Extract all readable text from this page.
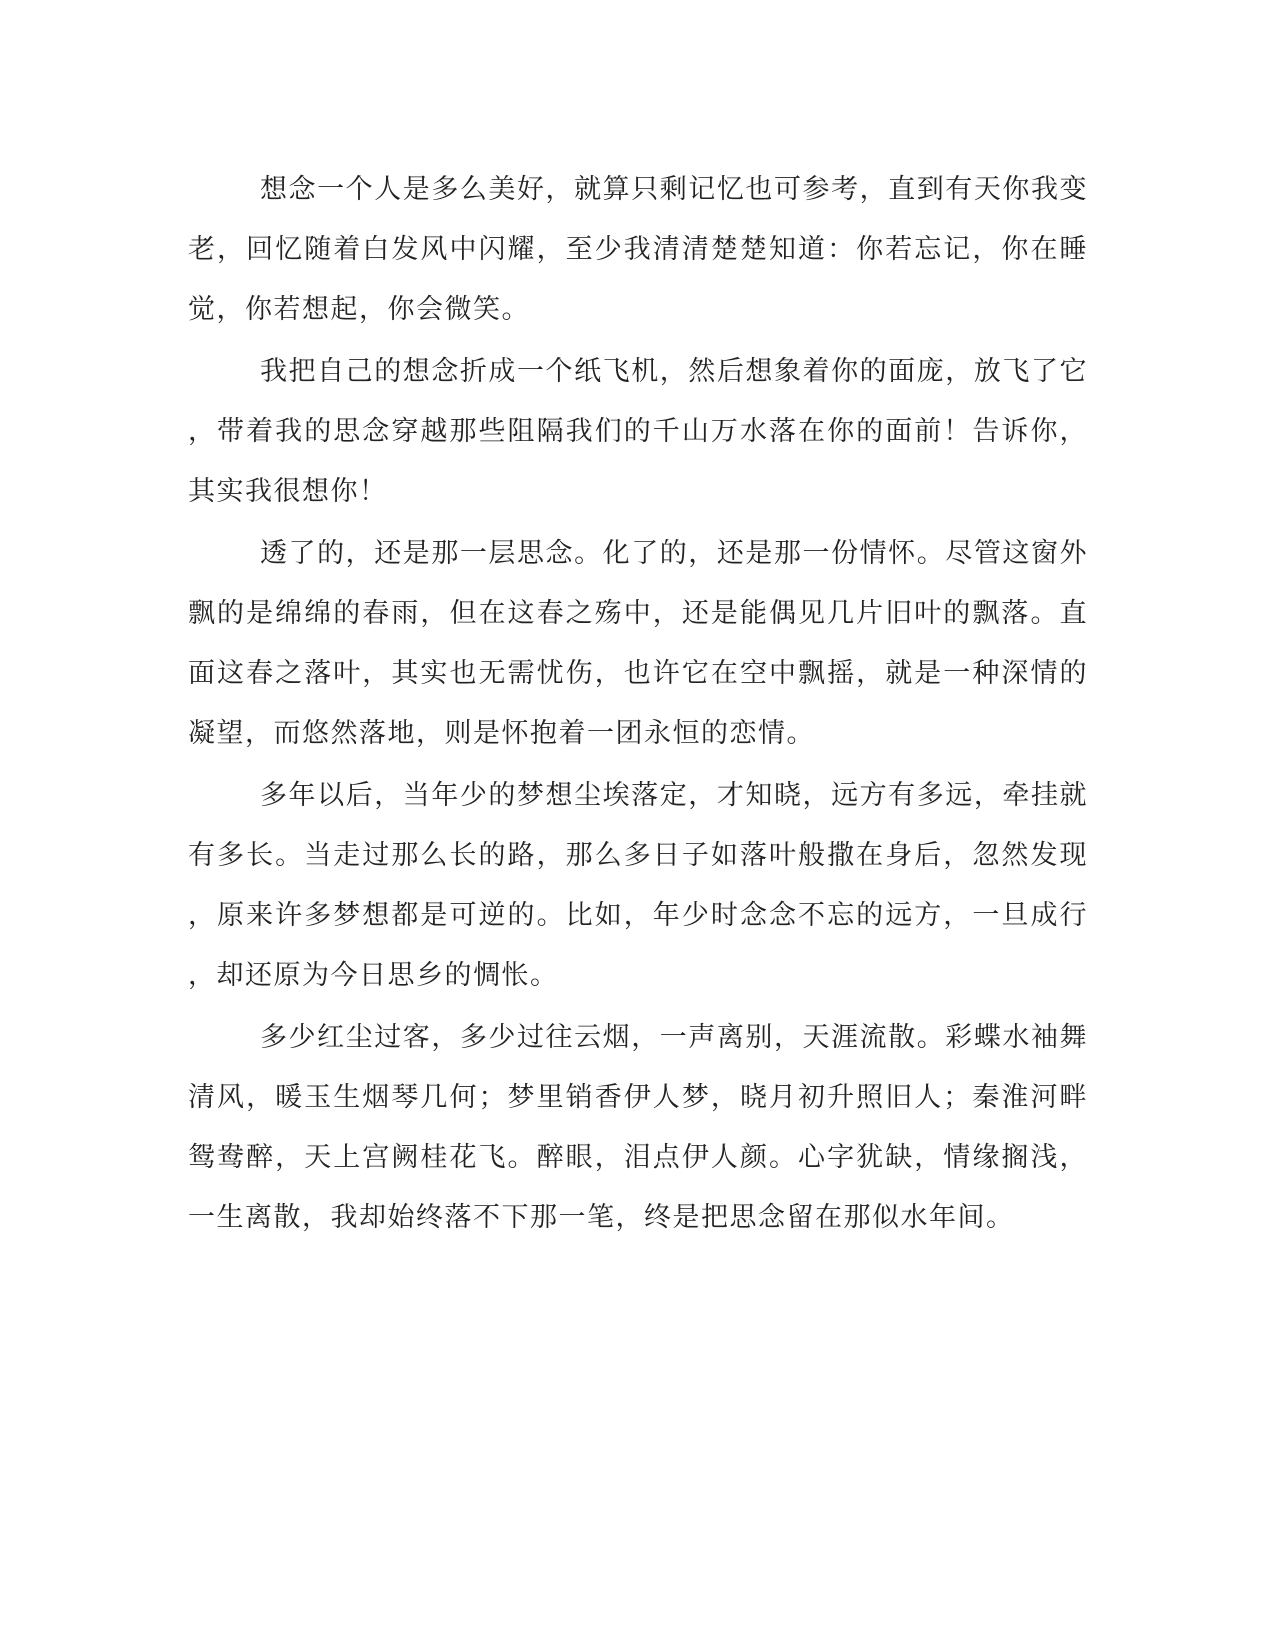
想念一个人是多么美好，就算只剩记忆也可参考，直到有天你我变老，回忆随着白发风中闪耀，至少我清清楚楚知道：你若忘记，你在睡觉，你若想起，你会微笑。

我把自己的想念折成一个纸飞机，然后想象着你的面庞，放飞了它，带着我的思念穿越那些阻隔我们的千山万水落在你的面前！告诉你，其实我很想你！

透了的，还是那一层思念。化了的，还是那一份情怀。尽管这窗外飘的是绵绵的春雨，但在这春之殇中，还是能偶见几片旧叶的飘落。直面这春之落叶，其实也无需忧伤，也许它在空中飘摇，就是一种深情的凝望，而悠然落地，则是怀抱着一团永恒的恋情。

多年以后，当年少的梦想尘埃落定，才知晓，远方有多远，牵挂就有多长。当走过那么长的路，那么多日子如落叶般撒在身后，忽然发现，原来许多梦想都是可逆的。比如，年少时念念不忘的远方，一旦成行，却还原为今日思乡的惆怅。

多少红尘过客，多少过往云烟，一声离别，天涯流散。彩蝶水袖舞清风，暖玉生烟琴几何；梦里销香伊人梦，晓月初升照旧人；秦淮河畔鸳鸯醉，天上宫阙桂花飞。醉眼，泪点伊人颜。心字犹缺，情缘搁浅，一生离散，我却始终落不下那一笔，终是把思念留在那似水年间。
